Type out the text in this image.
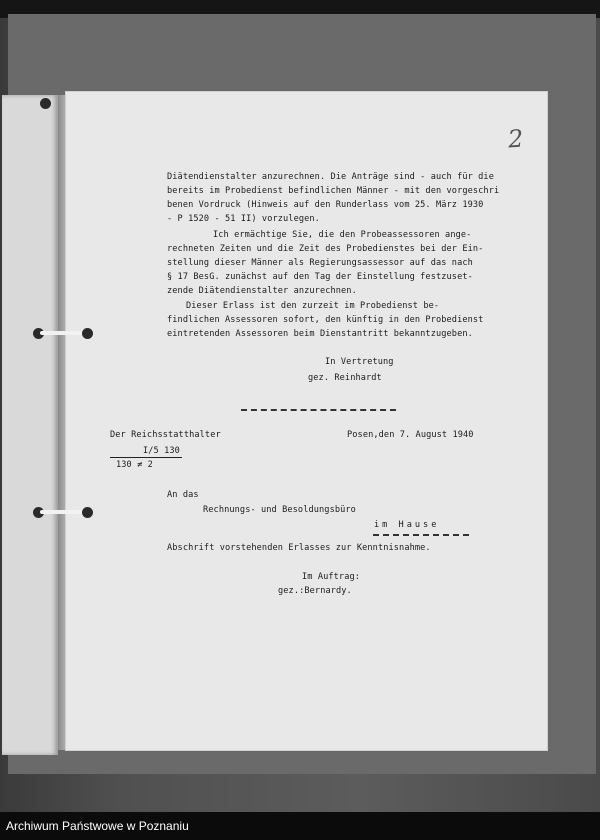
2
Diätendienstalter anzurechnen. Die Anträge sind - auch für die
bereits im Probedienst befindlichen Männer - mit den vorgeschri
benen Vordruck (Hinweis auf den Runderlass vom 25. März 1930
- P 1520 - 51 II) vorzulegen.
Ich ermächtige Sie, die den Probeassessoren ange-
rechneten Zeiten und die Zeit des Probedienstes bei der Ein-
stellung dieser Männer als Regierungsassessor auf das nach
§ 17 BesG. zunächst auf den Tag der Einstellung festzuset-
zende Diätendienstalter anzurechnen.
Dieser Erlass ist den zurzeit im Probedienst be-
findlichen Assessoren sofort, den künftig in den Probedienst
eintretenden Assessoren beim Dienstantritt bekanntzugeben.
In Vertretung
gez. Reinhardt
Der Reichsstatthalter	Posen,den 7. August 1940
I/5 130
130 ≠ 2
An das
Rechnungs- und Besoldungsbüro
im Hause
Abschrift vorstehenden Erlasses zur Kenntnisnahme.
Im Auftrag:
gez.:Bernardy.
Archiwum Państwowe w Poznaniu
